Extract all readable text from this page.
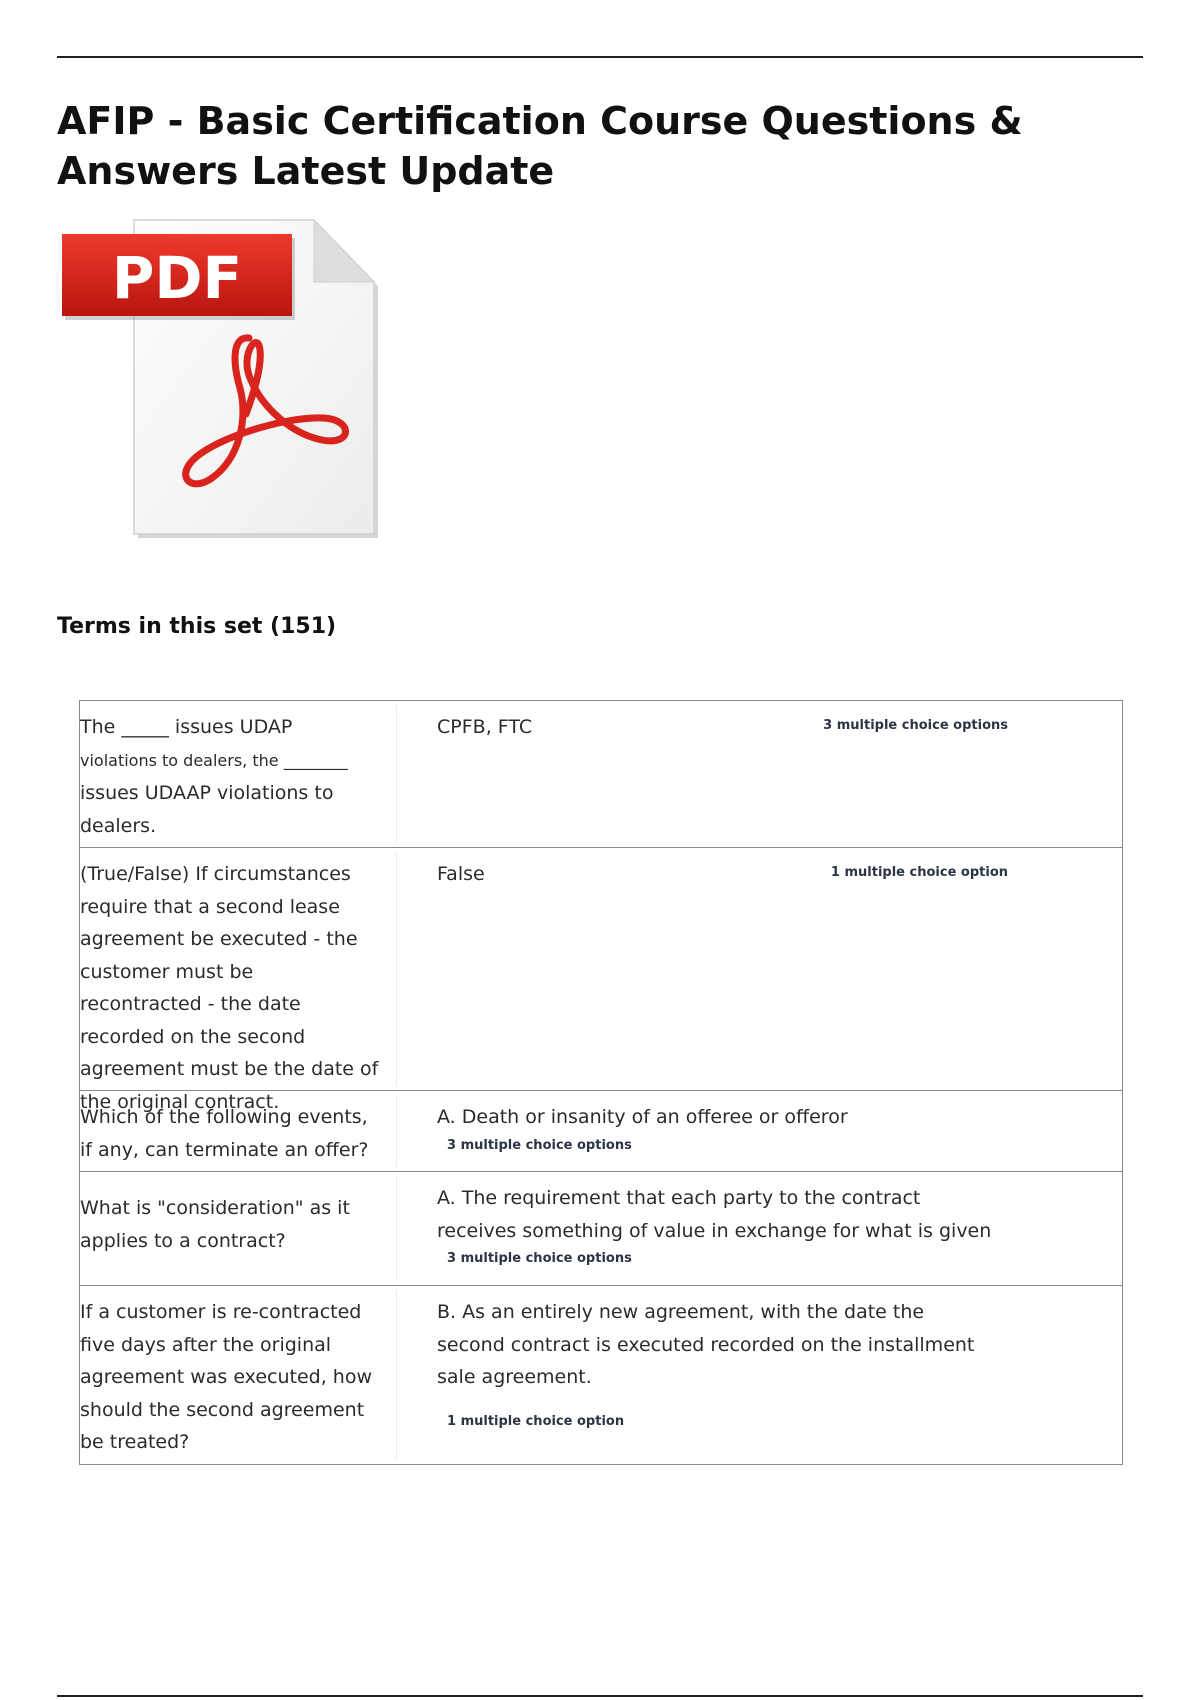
AFIP - Basic Certification Course Questions & Answers Latest Update
PDF
Terms in this set (151)
The _____ issues UDAP
violations to dealers, the ________
issues UDAAP violations to dealers.
CPFB, FTC	3 multiple choice options
(True/False) If circumstances require that a second lease agreement be executed - the customer must be recontracted - the date recorded on the second agreement must be the date of the original contract.
False	1 multiple choice option
Which of the following events, if any, can terminate an offer?
A. Death or insanity of an offeree or offeror
3 multiple choice options
What is "consideration" as it applies to a contract?
A. The requirement that each party to the contract receives something of value in exchange for what is given
3 multiple choice options
If a customer is re-contracted five days after the original agreement was executed, how should the second agreement be treated?
B. As an entirely new agreement, with the date the second contract is executed recorded on the installment sale agreement.
1 multiple choice option
